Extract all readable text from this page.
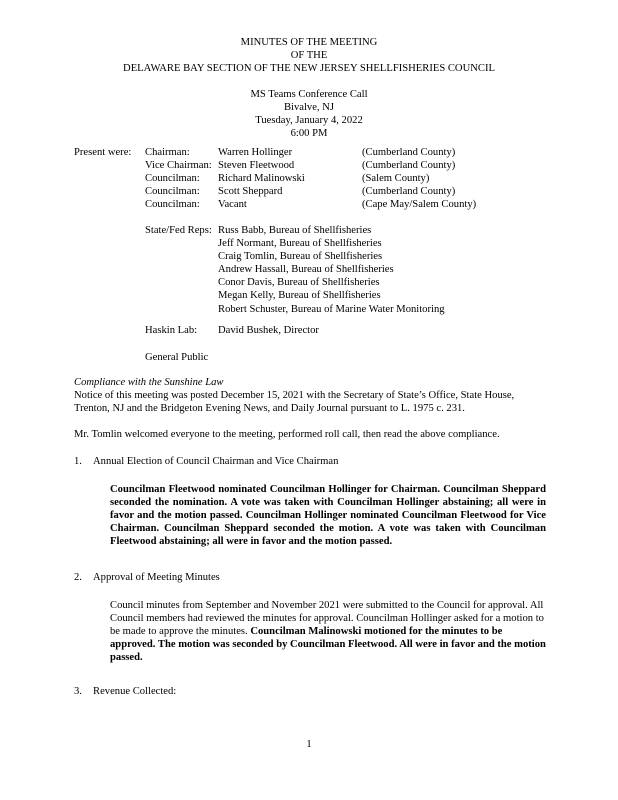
MINUTES OF THE MEETING
OF THE
DELAWARE BAY SECTION OF THE NEW JERSEY SHELLFISHERIES COUNCIL
MS Teams Conference Call
Bivalve, NJ
Tuesday, January 4, 2022
6:00 PM
Present were: Chairman:	Warren Hollinger	(Cumberland County)
Vice Chairman: Steven Fleetwood	(Cumberland County)
Councilman: Richard Malinowski	(Salem County)
Councilman: Scott Sheppard	(Cumberland County)
Councilman: Vacant	(Cape May/Salem County)
State/Fed Reps: Russ Babb, Bureau of Shellfisheries
Jeff Normant, Bureau of Shellfisheries
Craig Tomlin, Bureau of Shellfisheries
Andrew Hassall, Bureau of Shellfisheries
Conor Davis, Bureau of Shellfisheries
Megan Kelly, Bureau of Shellfisheries
Robert Schuster, Bureau of Marine Water Monitoring
Haskin Lab: David Bushek, Director
General Public
Compliance with the Sunshine Law
Notice of this meeting was posted December 15, 2021 with the Secretary of State’s Office, State House, Trenton, NJ and the Bridgeton Evening News, and Daily Journal pursuant to L. 1975 c. 231.
Mr. Tomlin welcomed everyone to the meeting, performed roll call, then read the above compliance.
1. Annual Election of Council Chairman and Vice Chairman
Councilman Fleetwood nominated Councilman Hollinger for Chairman. Councilman Sheppard seconded the nomination. A vote was taken with Councilman Hollinger abstaining; all were in favor and the motion passed. Councilman Hollinger nominated Councilman Fleetwood for Vice Chairman. Councilman Sheppard seconded the motion. A vote was taken with Councilman Fleetwood abstaining; all were in favor and the motion passed.
2. Approval of Meeting Minutes
Council minutes from September and November 2021 were submitted to the Council for approval. All Council members had reviewed the minutes for approval. Councilman Hollinger asked for a motion to be made to approve the minutes. Councilman Malinowski motioned for the minutes to be approved. The motion was seconded by Councilman Fleetwood. All were in favor and the motion passed.
3. Revenue Collected:
1
